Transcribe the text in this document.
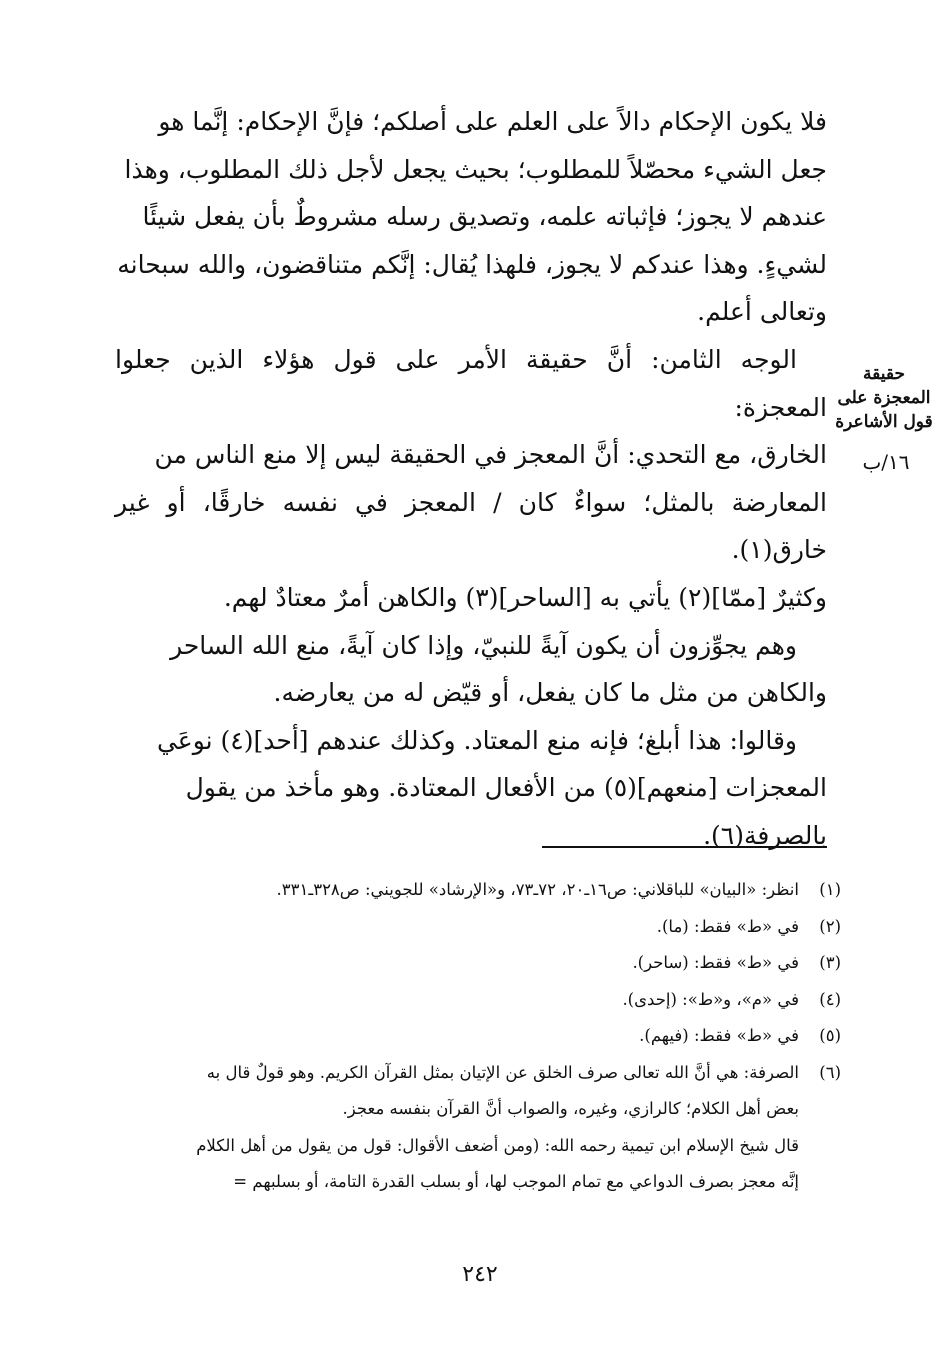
فلا يكون الإحكام دالاً على العلم على أصلكم؛ فإنَّ الإحكام: إنَّما هو

جعل الشيء محصّلاً للمطلوب؛ بحيث يجعل لأجل ذلك المطلوب، وهذا

عندهم لا يجوز؛ فإثباته علمه، وتصديق رسله مشروطٌ بأن يفعل شيئًا

لشيءٍ. وهذا عندكم لا يجوز، فلهذا يُقال: إنَّكم متناقضون، والله سبحانه

وتعالى أعلم.

الوجه الثامن: أنَّ حقيقة الأمر على قول هؤلاء الذين جعلوا المعجزة:

الخارق، مع التحدي: أنَّ المعجز في الحقيقة ليس إلا منع الناس من

المعارضة بالمثل؛ سواءٌ كان / المعجز في نفسه خارقًا، أو غير خارق(١).

وكثيرٌ [ممّا](٢) يأتي به [الساحر](٣) والكاهن أمرٌ معتادٌ لهم.

وهم يجوِّزون أن يكون آيةً للنبيّ، وإذا كان آيةً، منع الله الساحر

والكاهن من مثل ما كان يفعل، أو قيّض له من يعارضه.

وقالوا: هذا أبلغ؛ فإنه منع المعتاد. وكذلك عندهم [أحد](٤) نوعَي

المعجزات [منعهم](٥) من الأفعال المعتادة. وهو مأخذ من يقول

بالصرفة(٦).

حقيقة المعجزة على قول الأشاعرة
١٦/ب
(١)
انظر: «البيان» للباقلاني: ص١٦ـ٢٠، ٧٢ـ٧٣، و«الإرشاد» للجويني: ص٣٢٨ـ٣٣١.
(٢)
في «ط» فقط: (ما).
(٣)
في «ط» فقط: (ساحر).
(٤)
في «م»، و«ط»: (إحدى).
(٥)
في «ط» فقط: (فيهم).
(٦)
الصرفة: هي أنَّ الله تعالى صرف الخلق عن الإتيان بمثل القرآن الكريم. وهو قولٌ قال به
بعض أهل الكلام؛ كالرازي، وغيره، والصواب أنَّ القرآن بنفسه معجز.
قال شيخ الإسلام ابن تيمية رحمه الله: (ومن أضعف الأقوال: قول من يقول من أهل الكلام
إنَّه معجز بصرف الدواعي مع تمام الموجب لها، أو بسلب القدرة التامة، أو بسلبهم =
٢٤٢
